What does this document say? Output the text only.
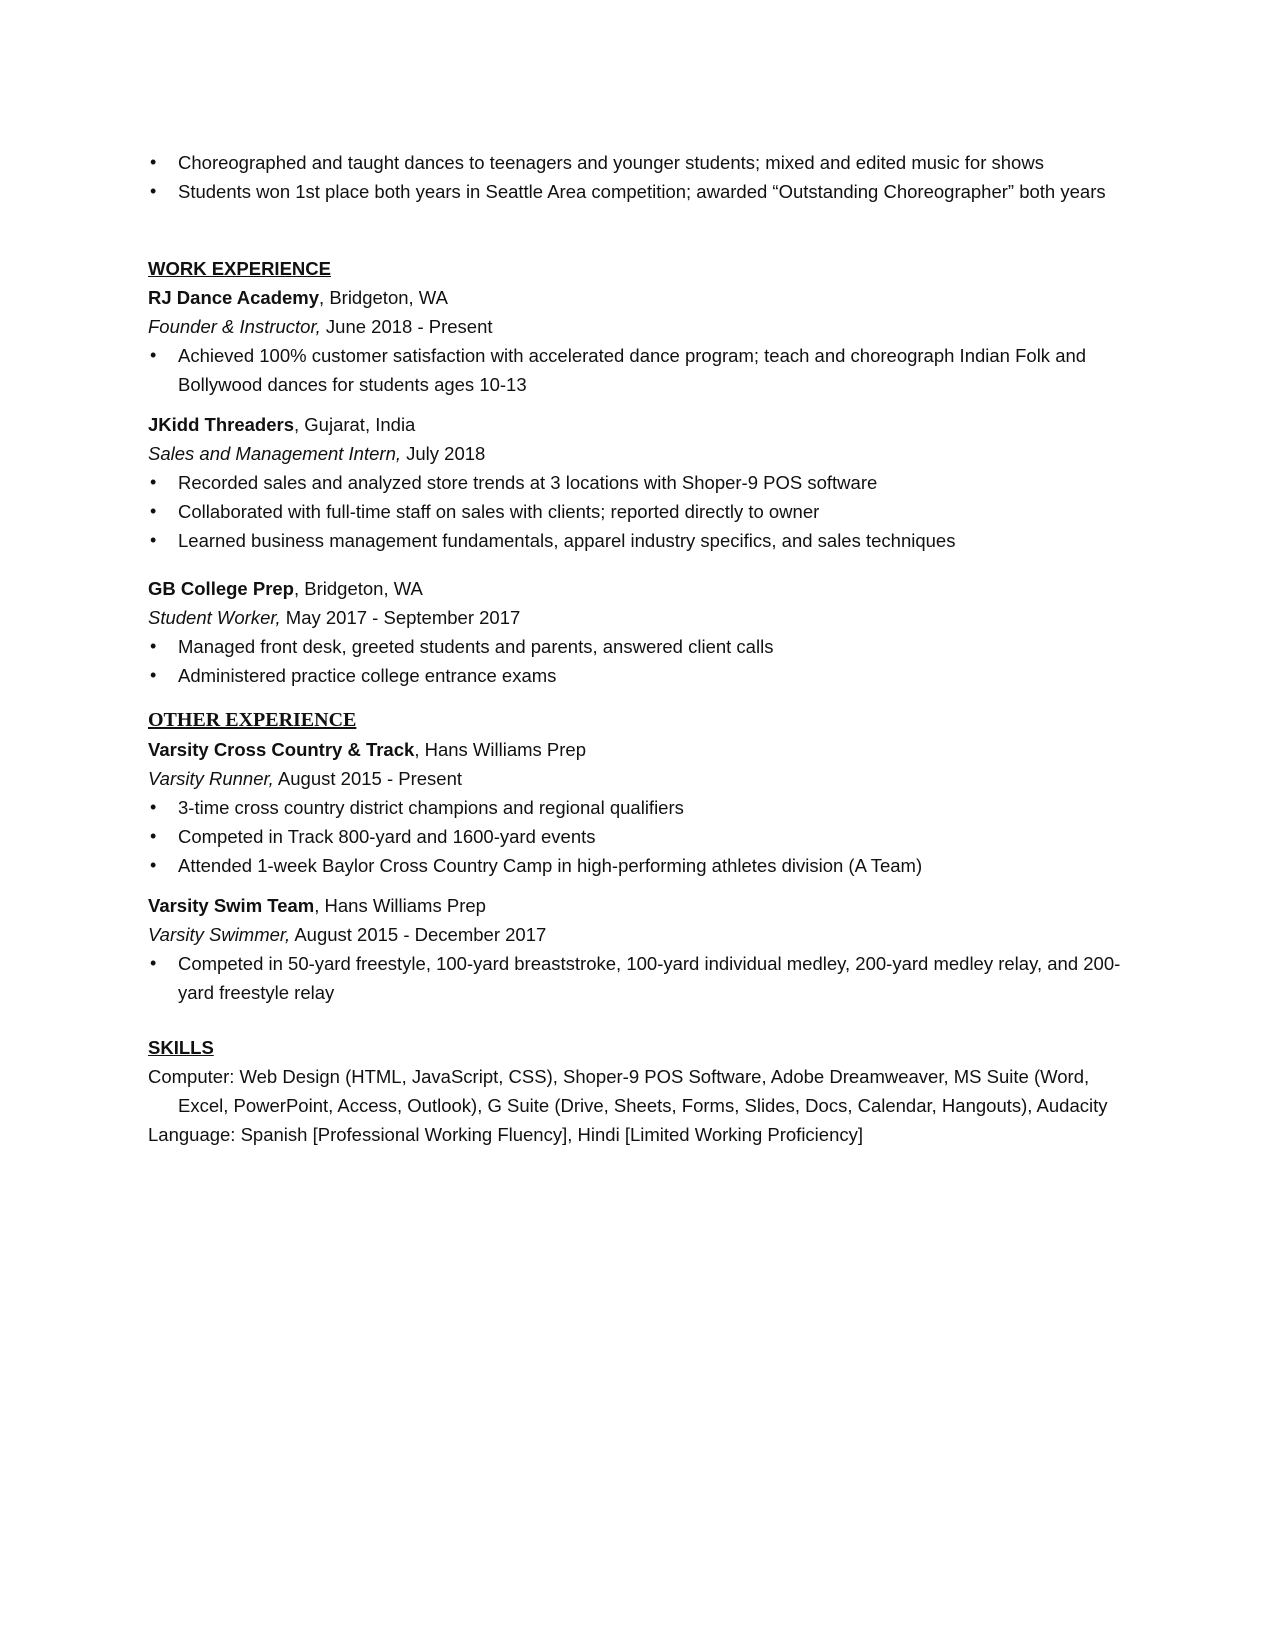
• Choreographed and taught dances to teenagers and younger students; mixed and edited music for shows
• Students won 1st place both years in Seattle Area competition; awarded “Outstanding Choreographer” both years

WORK EXPERIENCE

RJ Dance Academy, Bridgeton, WA

Founder & Instructor, June 2018 - Present

• Achieved 100% customer satisfaction with accelerated dance program; teach and choreograph Indian Folk and Bollywood dances for students ages 10-13

JKidd Threaders, Gujarat, India

Sales and Management Intern, July 2018

• Recorded sales and analyzed store trends at 3 locations with Shoper-9 POS software
• Collaborated with full-time staff on sales with clients; reported directly to owner
• Learned business management fundamentals, apparel industry specifics, and sales techniques

GB College Prep, Bridgeton, WA

Student Worker, May 2017 - September 2017

• Managed front desk, greeted students and parents, answered client calls
• Administered practice college entrance exams

OTHER EXPERIENCE

Varsity Cross Country & Track, Hans Williams Prep

Varsity Runner, August 2015 - Present

• 3-time cross country district champions and regional qualifiers
• Competed in Track 800-yard and 1600-yard events
• Attended 1-week Baylor Cross Country Camp in high-performing athletes division (A Team)

Varsity Swim Team, Hans Williams Prep

Varsity Swimmer, August 2015 - December 2017

• Competed in 50-yard freestyle, 100-yard breaststroke, 100-yard individual medley, 200-yard medley relay, and 200-yard freestyle relay

SKILLS

Computer: Web Design (HTML, JavaScript, CSS), Shoper-9 POS Software, Adobe Dreamweaver, MS Suite (Word, Excel, PowerPoint, Access, Outlook), G Suite (Drive, Sheets, Forms, Slides, Docs, Calendar, Hangouts), Audacity

Language: Spanish [Professional Working Fluency], Hindi [Limited Working Proficiency]
